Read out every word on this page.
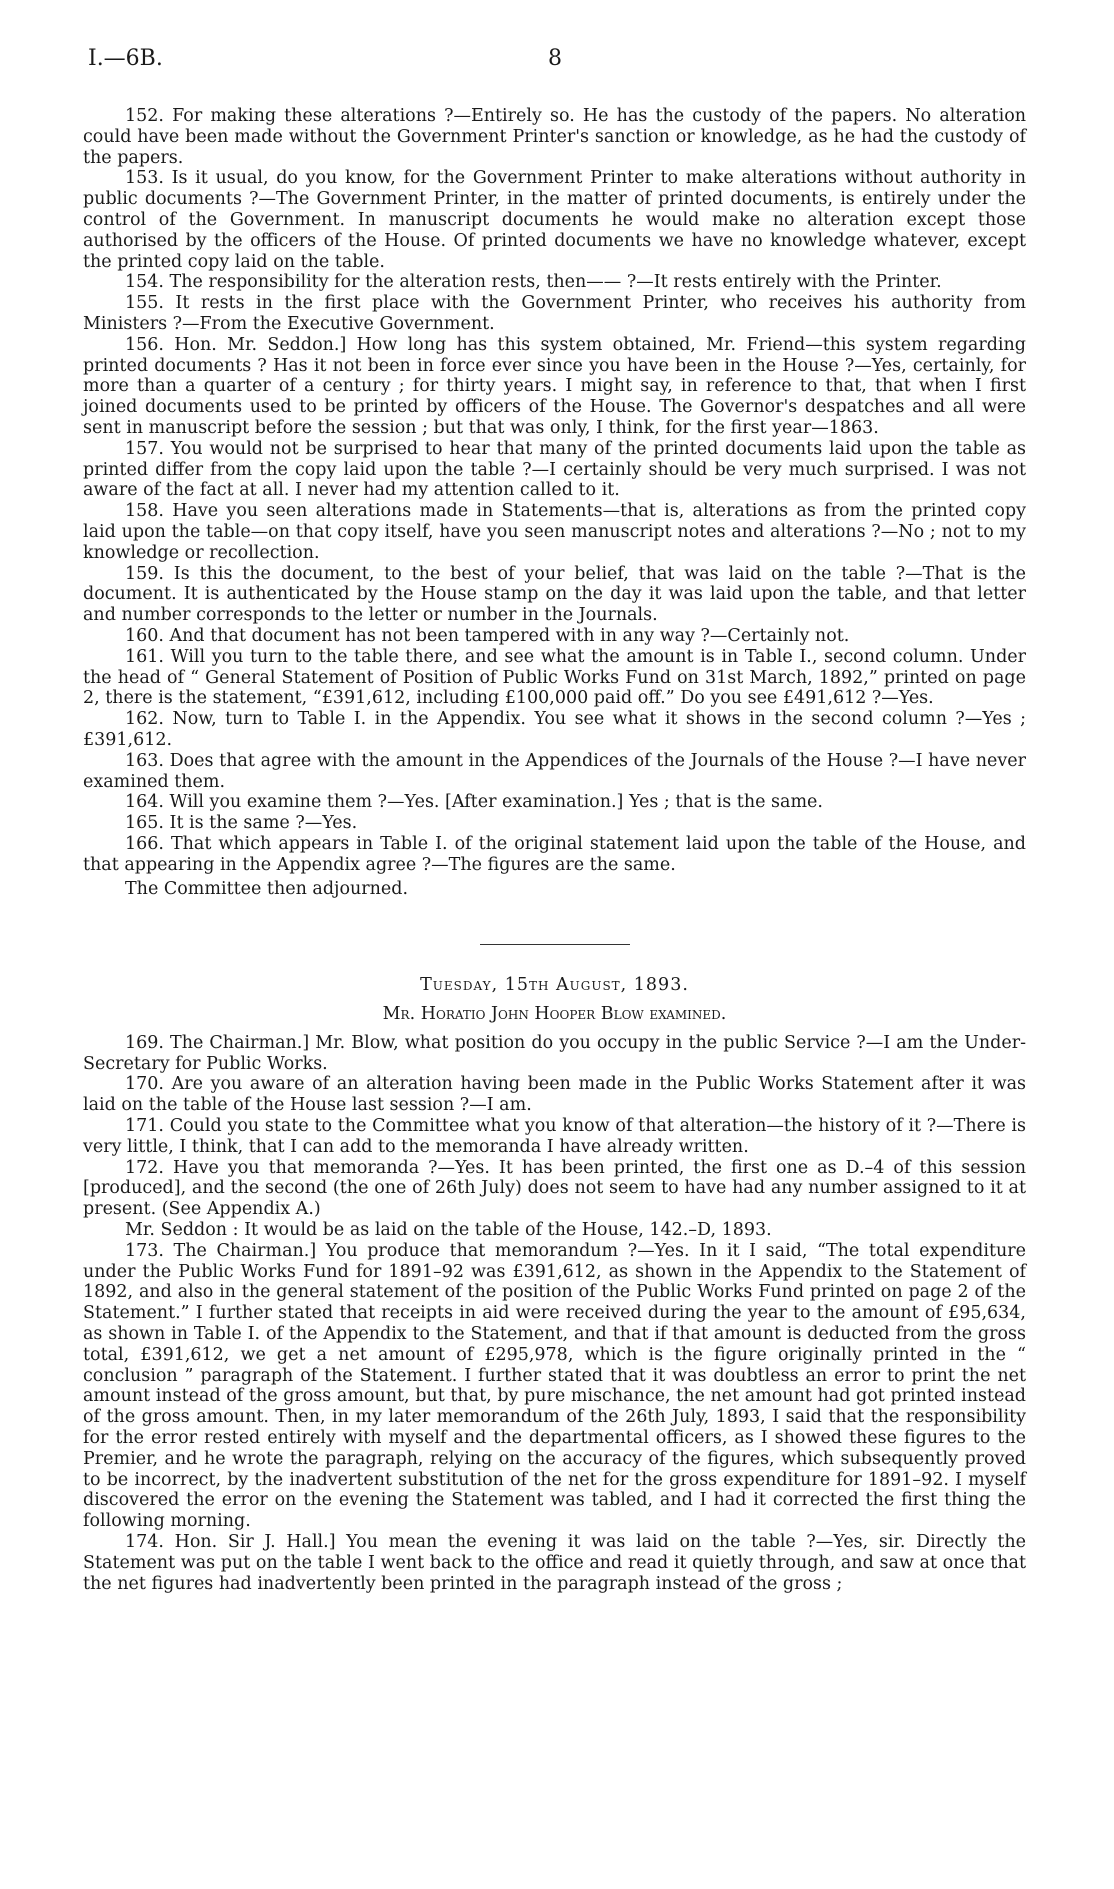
I.—6B.	8

152. For making these alterations ?—Entirely so. He has the custody of the papers. No alteration could have been made without the Government Printer's sanction or knowledge, as he had the custody of the papers.

153. Is it usual, do you know, for the Government Printer to make alterations without authority in public documents ?—The Government Printer, in the matter of printed documents, is entirely under the control of the Government. In manuscript documents he would make no alteration except those authorised by the officers of the House. Of printed documents we have no knowledge whatever, except the printed copy laid on the table.

154. The responsibility for the alteration rests, then—— ?—It rests entirely with the Printer.

155. It rests in the first place with the Government Printer, who receives his authority from Ministers ?—From the Executive Government.

156. Hon. Mr. Seddon.] How long has this system obtained, Mr. Friend—this system regarding printed documents ? Has it not been in force ever since you have been in the House ?—Yes, certainly, for more than a quarter of a century ; for thirty years. I might say, in reference to that, that when I first joined documents used to be printed by officers of the House. The Governor's despatches and all were sent in manuscript before the session ; but that was only, I think, for the first year—1863.

157. You would not be surprised to hear that many of the printed documents laid upon the table as printed differ from the copy laid upon the table ?—I certainly should be very much surprised. I was not aware of the fact at all. I never had my attention called to it.

158. Have you seen alterations made in Statements—that is, alterations as from the printed copy laid upon the table—on that copy itself, have you seen manuscript notes and alterations ?—No ; not to my knowledge or recollection.

159. Is this the document, to the best of your belief, that was laid on the table ?—That is the document. It is authenticated by the House stamp on the day it was laid upon the table, and that letter and number corresponds to the letter or number in the Journals.

160. And that document has not been tampered with in any way ?—Certainly not.

161. Will you turn to the table there, and see what the amount is in Table I., second column. Under the head of “ General Statement of Position of Public Works Fund on 31st March, 1892,” printed on page 2, there is the statement, “£391,612, including £100,000 paid off.” Do you see £491,612 ?—Yes.

162. Now, turn to Table I. in the Appendix. You see what it shows in the second column ?—Yes ; £391,612.

163. Does that agree with the amount in the Appendices of the Journals of the House ?—I have never examined them.

164. Will you examine them ?—Yes. [After examination.] Yes ; that is the same.

165. It is the same ?—Yes.

166. That which appears in Table I. of the original statement laid upon the table of the House, and that appearing in the Appendix agree ?—The figures are the same.

The Committee then adjourned.

Tuesday, 15th August, 1893.

Mr. Horatio John Hooper Blow examined.

169. The Chairman.] Mr. Blow, what position do you occupy in the public Service ?—I am the Under-Secretary for Public Works.

170. Are you aware of an alteration having been made in the Public Works Statement after it was laid on the table of the House last session ?—I am.

171. Could you state to the Committee what you know of that alteration—the history of it ?—There is very little, I think, that I can add to the memoranda I have already written.

172. Have you that memoranda ?—Yes. It has been printed, the first one as D.–4 of this session [produced], and the second (the one of 26th July) does not seem to have had any number assigned to it at present. (See Appendix A.)

Mr. Seddon : It would be as laid on the table of the House, 142.–D, 1893.

173. The Chairman.] You produce that memorandum ?—Yes. In it I said, “The total expenditure under the Public Works Fund for 1891–92 was £391,612, as shown in the Appendix to the Statement of 1892, and also in the general statement of the position of the Public Works Fund printed on page 2 of the Statement.” I further stated that receipts in aid were received during the year to the amount of £95,634, as shown in Table I. of the Appendix to the Statement, and that if that amount is deducted from the gross total, £391,612, we get a net amount of £295,978, which is the figure originally printed in the “ conclusion ” paragraph of the Statement. I further stated that it was doubtless an error to print the net amount instead of the gross amount, but that, by pure mischance, the net amount had got printed instead of the gross amount. Then, in my later memorandum of the 26th July, 1893, I said that the responsibility for the error rested entirely with myself and the departmental officers, as I showed these figures to the Premier, and he wrote the paragraph, relying on the accuracy of the figures, which subsequently proved to be incorrect, by the inadvertent substitution of the net for the gross expenditure for 1891–92. I myself discovered the error on the evening the Statement was tabled, and I had it corrected the first thing the following morning.

174. Hon. Sir J. Hall.] You mean the evening it was laid on the table ?—Yes, sir. Directly the Statement was put on the table I went back to the office and read it quietly through, and saw at once that the net figures had inadvertently been printed in the paragraph instead of the gross ;
